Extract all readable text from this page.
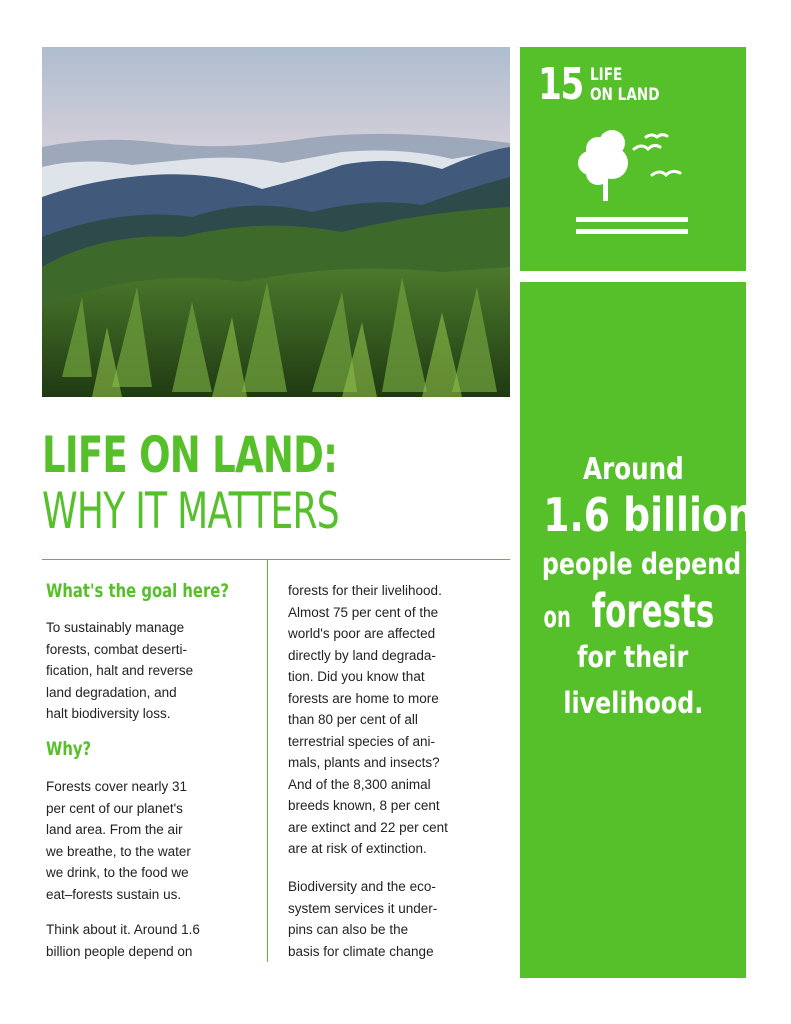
15 LIFE
ON LAND
Around
1.6 billion
people depend
on forests
for their
livelihood.
LIFE ON LAND:
WHY IT MATTERS
What's the goal here?

To sustainably manage

forests, combat deserti-

fication, halt and reverse

land degradation, and

halt biodiversity loss.

Why?

Forests cover nearly 31

per cent of our planet's

land area. From the air

we breathe, to the water

we drink, to the food we

eat–forests sustain us.

Think about it. Around 1.6

billion people depend on

forests for their livelihood.

Almost 75 per cent of the

world's poor are affected

directly by land degrada-

tion. Did you know that

forests are home to more

than 80 per cent of all

terrestrial species of ani-

mals, plants and insects?

And of the 8,300 animal

breeds known, 8 per cent

are extinct and 22 per cent

are at risk of extinction.

Biodiversity and the eco-

system services it under-

pins can also be the

basis for climate change
